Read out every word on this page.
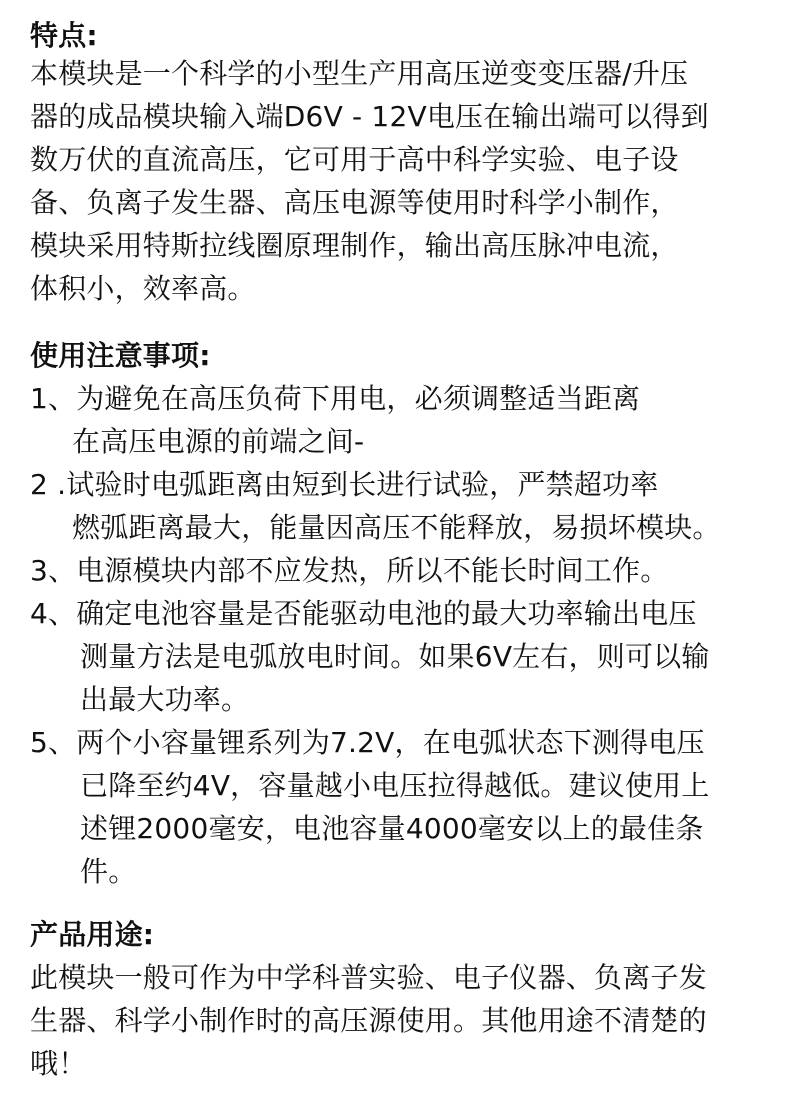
特点:
本模块是一个科学的小型生产用高压逆变变压器/升压
器的成品模块输入端D6V - 12V电压在输出端可以得到
数万伏的直流高压，它可用于高中科学实验、电子设
备、负离子发生器、高压电源等使用时科学小制作，
模块采用特斯拉线圈原理制作，输出高压脉冲电流，
体积小，效率高。
使用注意事项:
1、为避免在高压负荷下用电，必须调整适当距离
在高压电源的前端之间-
2 .试验时电弧距离由短到长进行试验，严禁超功率
燃弧距离最大，能量因高压不能释放，易损坏模块。
3、电源模块内部不应发热，所以不能长时间工作。
4、确定电池容量是否能驱动电池的最大功率输出电压
测量方法是电弧放电时间。如果6V左右，则可以输
出最大功率。
5、两个小容量锂系列为7.2V，在电弧状态下测得电压
已降至约4V，容量越小电压拉得越低。建议使用上
述锂2000毫安，电池容量4000毫安以上的最佳条
件。
产品用途:
此模块一般可作为中学科普实验、电子仪器、负离子发
生器、科学小制作时的高压源使用。其他用途不清楚的
哦！
